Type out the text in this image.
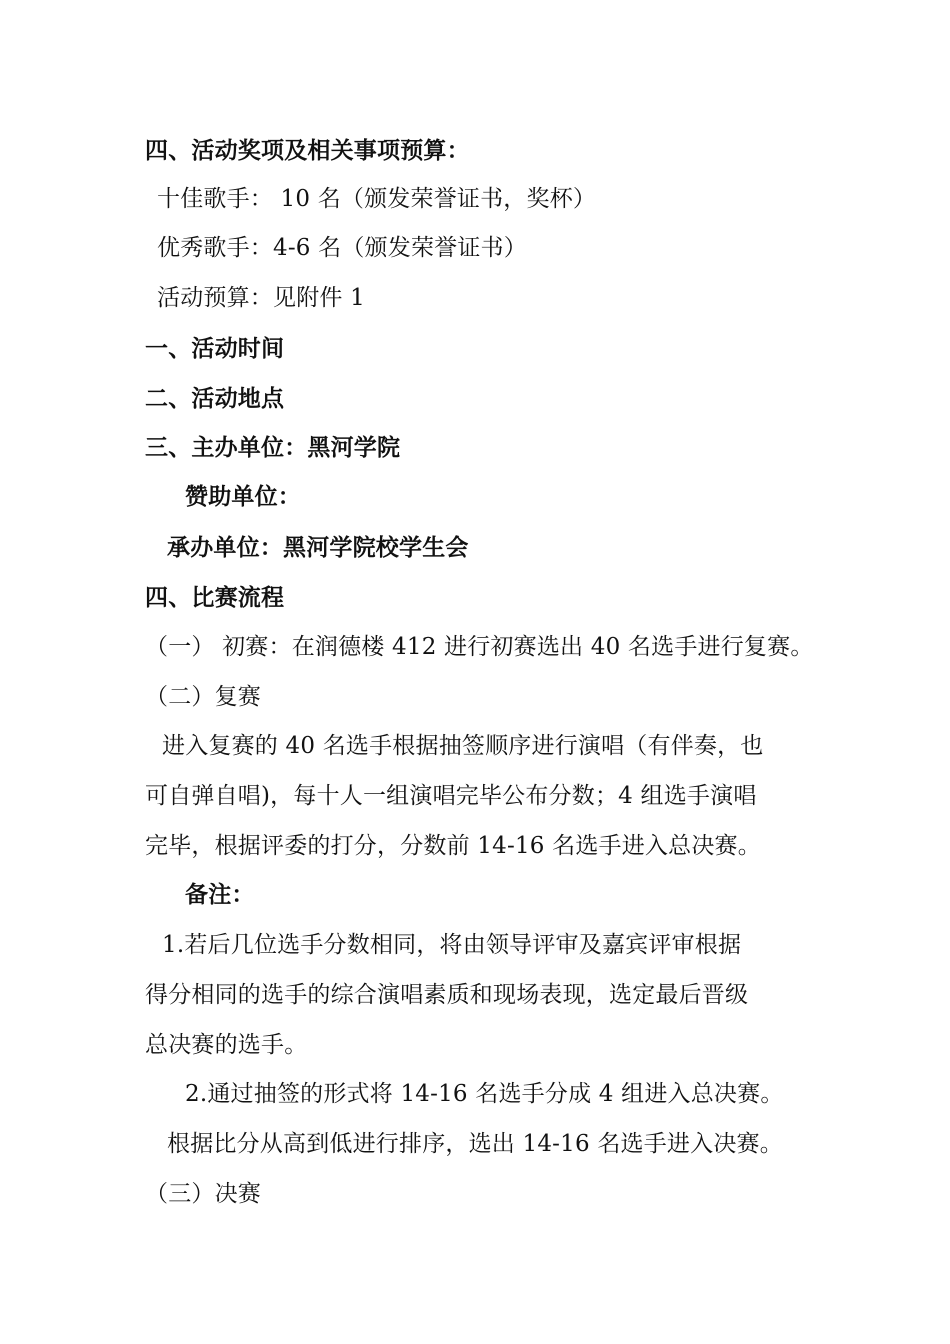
四、活动奖项及相关事项预算：
十佳歌手： 10 名（颁发荣誉证书，奖杯）
优秀歌手：4-6 名（颁发荣誉证书）
活动预算：见附件 1
一、活动时间
二、活动地点
三、主办单位：黑河学院
赞助单位：
承办单位：黑河学院校学生会
四、比赛流程
（一） 初赛：在润德楼 412 进行初赛选出 40 名选手进行复赛。
（二）复赛
进入复赛的 40 名选手根据抽签顺序进行演唱（有伴奏，也
可自弹自唱)，每十人一组演唱完毕公布分数；4 组选手演唱
完毕，根据评委的打分，分数前 14-16 名选手进入总决赛。
备注：
1.若后几位选手分数相同，将由领导评审及嘉宾评审根据
得分相同的选手的综合演唱素质和现场表现，选定最后晋级
总决赛的选手。
2.通过抽签的形式将 14-16 名选手分成 4 组进入总决赛。
根据比分从高到低进行排序，选出 14-16 名选手进入决赛。
（三）决赛
